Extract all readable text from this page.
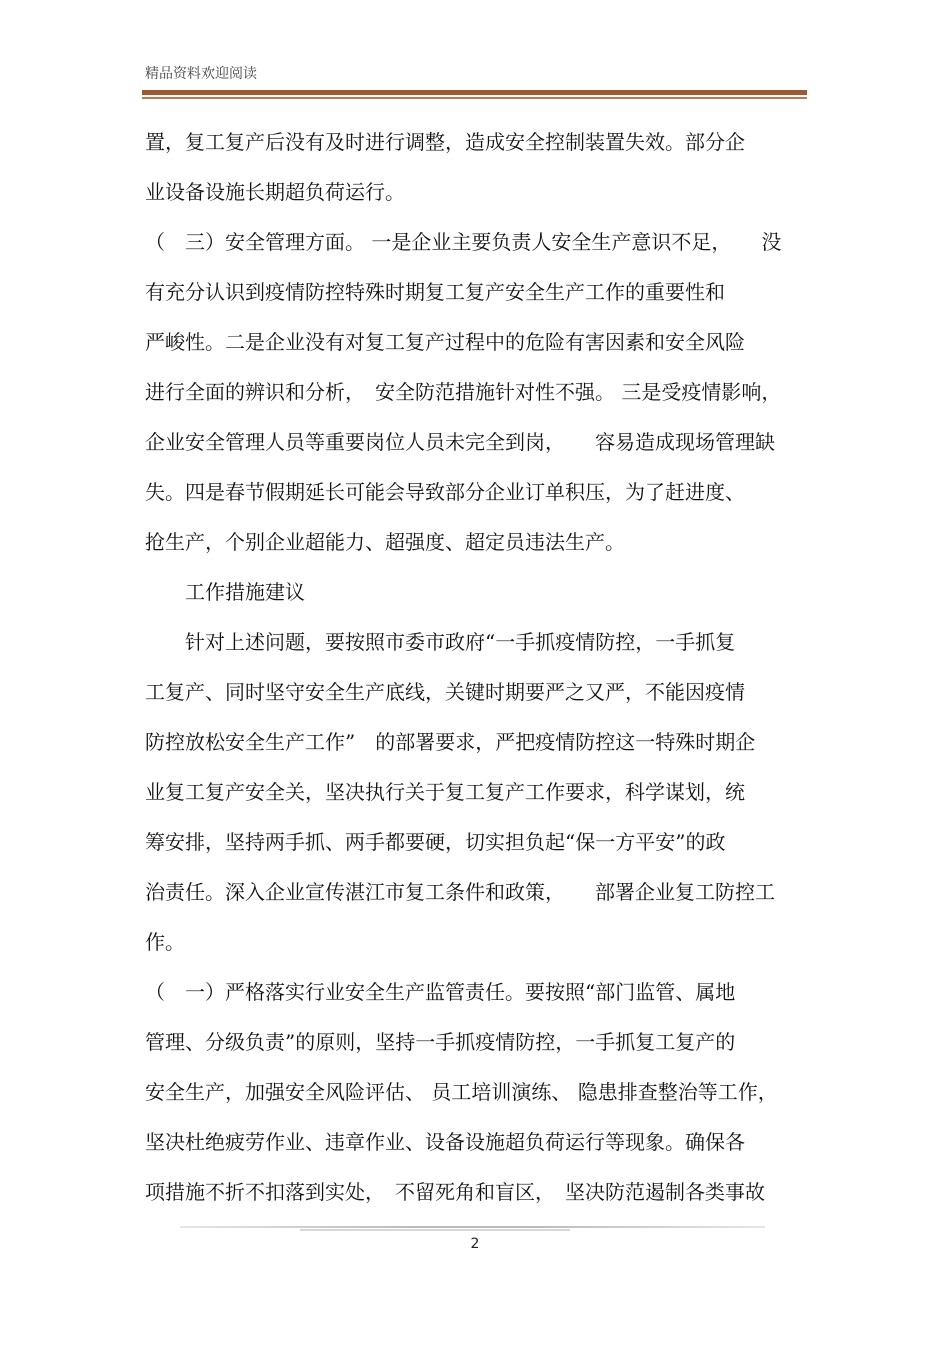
精品资料欢迎阅读
置，复工复产后没有及时进行调整，造成安全控制装置失效。部分企
业设备设施长期超负荷运行。
（　三）安全管理方面。 一是企业主要负责人安全生产意识不足，　　没
有充分认识到疫情防控特殊时期复工复产安全生产工作的重要性和
严峻性。二是企业没有对复工复产过程中的危险有害因素和安全风险
进行全面的辨识和分析，　安全防范措施针对性不强。 三是受疫情影响，
企业安全管理人员等重要岗位人员未完全到岗，　　容易造成现场管理缺
失。四是春节假期延长可能会导致部分企业订单积压，为了赶进度、
抢生产，个别企业超能力、超强度、超定员违法生产。
　　工作措施建议
　　针对上述问题，要按照市委市政府“一手抓疫情防控，一手抓复
工复产、同时坚守安全生产底线，关键时期要严之又严，不能因疫情
防控放松安全生产工作”　的部署要求，严把疫情防控这一特殊时期企
业复工复产安全关，坚决执行关于复工复产工作要求，科学谋划，统
筹安排，坚持两手抓、两手都要硬，切实担负起“保一方平安”的政
治责任。深入企业宣传湛江市复工条件和政策，　　部署企业复工防控工
作。
（　一）严格落实行业安全生产监管责任。要按照“部门监管、属地
管理、分级负责”的原则，坚持一手抓疫情防控，一手抓复工复产的
安全生产，加强安全风险评估、 员工培训演练、 隐患排查整治等工作，
坚决杜绝疲劳作业、违章作业、设备设施超负荷运行等现象。确保各
项措施不折不扣落到实处，　不留死角和盲区，　坚决防范遏制各类事故
2
